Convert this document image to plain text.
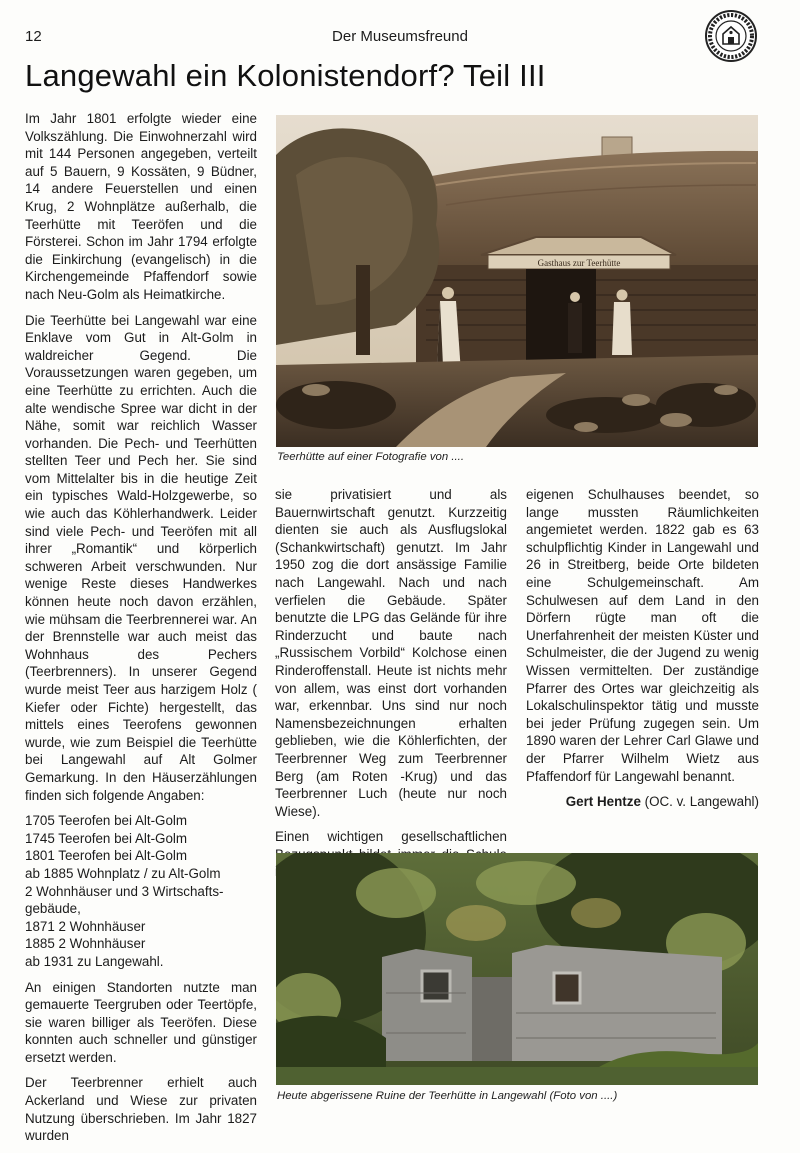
12	Der Museumsfreund
Langewahl ein Kolonistendorf? Teil III

Im Jahr 1801 erfolgte wieder eine Volkszählung. Die Einwohnerzahl wird mit 144 Personen angegeben, verteilt auf 5 Bauern, 9 Kossäten, 9 Büdner, 14 andere Feuerstellen und einen Krug, 2 Wohnplätze außerhalb, die Teerhütte mit Teeröfen und die Försterei. Schon im Jahr 1794 erfolgte die Einkirchung (evangelisch) in die Kirchengemeinde Pfaffendorf sowie nach Neu-Golm als Heimatkirche.

Die Teerhütte bei Langewahl war eine Enklave vom Gut in Alt-Golm in waldreicher Gegend. Die Voraussetzungen waren gegeben, um eine Teerhütte zu errichten. Auch die alte wendische Spree war dicht in der Nähe, somit war reichlich Wasser vorhanden. Die Pech- und Teerhütten stellten Teer und Pech her. Sie sind vom Mittelalter bis in die heutige Zeit ein typisches Wald-Holzgewerbe, so wie auch das Köhlerhandwerk. Leider sind viele Pech- und Teeröfen mit all ihrer „Romantik“ und körperlich schweren Arbeit verschwunden. Nur wenige Reste dieses Handwerkes können heute noch davon erzählen, wie mühsam die Teerbrennerei war. An der Brennstelle war auch meist das Wohnhaus des Pechers (Teerbrenners). In unserer Gegend wurde meist Teer aus harzigem Holz ( Kiefer oder Fichte) hergestellt, das mittels eines Teerofens gewonnen wurde, wie zum Beispiel die Teerhütte bei Langewahl auf Alt Golmer Gemarkung. In den Häuserzählungen finden sich folgende Angaben:

1705 Teerofen bei Alt-Golm
1745 Teerofen bei Alt-Golm
1801 Teerofen bei Alt-Golm
ab 1885 Wohnplatz / zu Alt-Golm
2 Wohnhäuser und 3 Wirtschafts-
gebäude,
1871 2 Wohnhäuser
1885 2 Wohnhäuser
ab 1931 zu Langewahl.

An einigen Standorten nutzte man gemauerte Teergruben oder Teertöpfe, sie waren billiger als Teeröfen. Diese konnten auch schneller und günstiger ersetzt werden.

Der Teerbrenner erhielt auch Ackerland und Wiese zur privaten Nutzung überschrieben. Im Jahr 1827 wurden

Gasthaus zur Teerhütte
Teerhütte auf einer Fotografie von ....

sie privatisiert und als Bauernwirtschaft genutzt. Kurzzeitig dienten sie auch als Ausflugslokal (Schankwirtschaft) genutzt. Im Jahr 1950 zog die dort ansässige Familie nach Langewahl. Nach und nach verfielen die Gebäude. Später benutzte die LPG das Gelände für ihre Rinderzucht und baute nach „Russischem Vorbild“ Kolchose einen Rinderoffenstall. Heute ist nichts mehr von allem, was einst dort vorhanden war, erkennbar. Uns sind nur noch Namensbezeichnungen erhalten geblieben, wie die Köhlerfichten, der Teerbrenner Weg zum Teerbrenner Berg (am Roten -Krug) und das Teerbrenner Luch (heute nur noch Wiese).

Einen wichtigen gesellschaftlichen

eigenen Schulhauses beendet, so lange mussten Räumlichkeiten angemietet werden. 1822 gab es 63 schulpflichtig Kinder in Langewahl und 26 in Streitberg, beide Orte bildeten eine Schulgemeinschaft. Am Schulwesen auf dem Land in den Dörfern rügte man oft die Unerfahrenheit der meisten Küster und Schulmeister, die der Jugend zu wenig Wissen vermittelten. Der zuständige Pfarrer des Ortes war gleichzeitig als Lokalschulinspektor tätig und musste bei jeder Prüfung zugegen sein. Um 1890 waren der Lehrer Carl Glawe und der Pfarrer Wilhelm Wietz aus Pfaffendorf für Langewahl benannt.

Gert Hentze (OC. v. Langewahl)

Heute abgerissene Ruine der Teerhütte in Langewahl (Foto von ....)
